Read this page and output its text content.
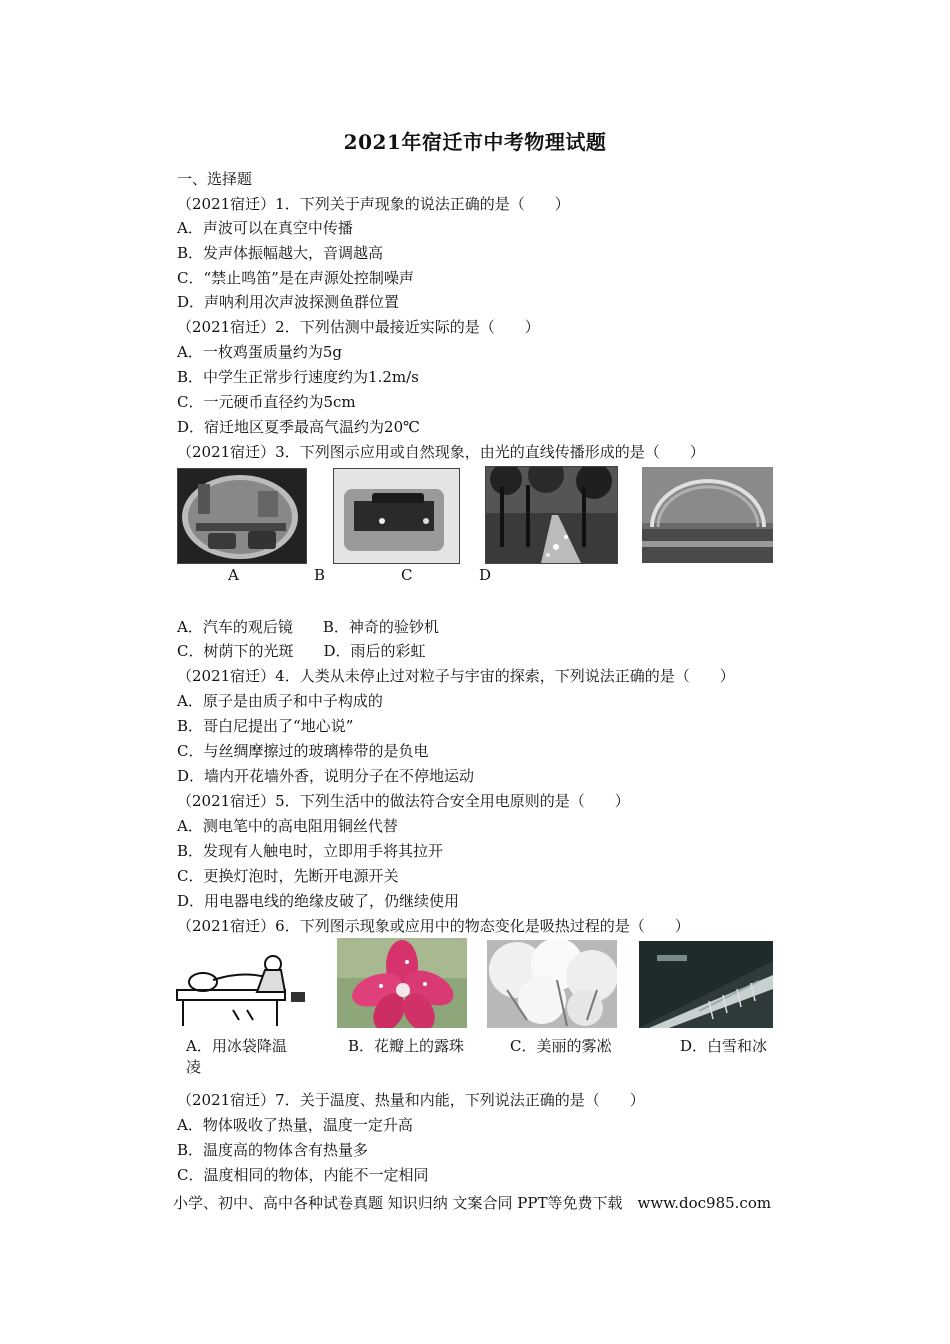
2021年宿迁市中考物理试题
一、选择题
（2021宿迁）1．下列关于声现象的说法正确的是（　　）
A．声波可以在真空中传播
B．发声体振幅越大，音调越高
C．“禁止鸣笛”是在声源处控制噪声
D．声呐利用次声波探测鱼群位置
（2021宿迁）2．下列估测中最接近实际的是（　　）
A．一枚鸡蛋质量约为5g
B．中学生正常步行速度约为1.2m/s
C．一元硬币直径约为5cm
D．宿迁地区夏季最高气温约为20℃
（2021宿迁）3．下列图示应用或自然现象，由光的直线传播形成的是（　　）
A	B	C	D
A．汽车的观后镜　　B．神奇的验钞机
C．树荫下的光斑　　D．雨后的彩虹
（2021宿迁）4．人类从未停止过对粒子与宇宙的探索，下列说法正确的是（　　）
A．原子是由质子和中子构成的
B．哥白尼提出了“地心说”
C．与丝绸摩擦过的玻璃棒带的是负电
D．墙内开花墙外香，说明分子在不停地运动
（2021宿迁）5．下列生活中的做法符合安全用电原则的是（　　）
A．测电笔中的高电阻用铜丝代替
B．发现有人触电时，立即用手将其拉开
C．更换灯泡时，先断开电源开关
D．用电器电线的绝缘皮破了，仍继续使用
（2021宿迁）6．下列图示现象或应用中的物态变化是吸热过程的是（　　）
A．用冰袋降温
凌
B．花瓣上的露珠	C．美丽的雾凇	D．白雪和冰
（2021宿迁）7．关于温度、热量和内能，下列说法正确的是（　　）
A．物体吸收了热量，温度一定升高
B．温度高的物体含有热量多
C．温度相同的物体，内能不一定相同
小学、初中、高中各种试卷真题 知识归纳 文案合同 PPT等免费下载　www.doc985.com
